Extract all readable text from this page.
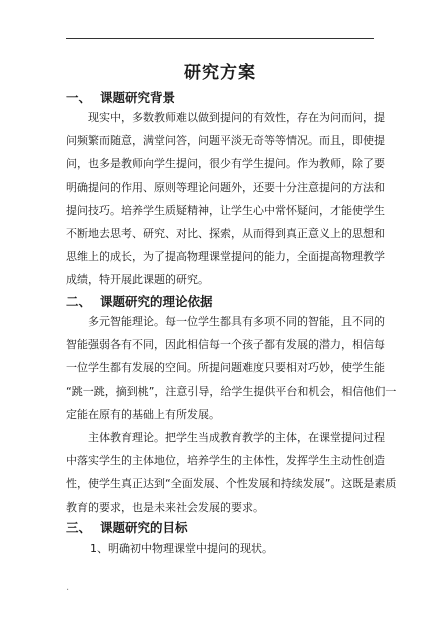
研究方案
一、 课题研究背景
现实中，多数教师难以做到提问的有效性，存在为问而问，提
问频繁而随意，满堂问答，问题平淡无奇等等情况。而且，即使提
问，也多是教师向学生提问，很少有学生提问。作为教师，除了要
明确提问的作用、原则等理论问题外，还要十分注意提问的方法和
提问技巧。培养学生质疑精神，让学生心中常怀疑问，才能使学生
不断地去思考、研究、对比、探索，从而得到真正意义上的思想和
思维上的成长，为了提高物理课堂提问的能力，全面提高物理教学
成绩，特开展此课题的研究。
二、 课题研究的理论依据
多元智能理论。每一位学生都具有多项不同的智能，且不同的
智能强弱各有不同，因此相信每一个孩子都有发展的潜力，相信每
一位学生都有发展的空间。所提问题难度只要相对巧妙，使学生能
“跳一跳，摘到桃”，注意引导，给学生提供平台和机会，相信他们一
定能在原有的基础上有所发展。
主体教育理论。把学生当成教育教学的主体，在课堂提问过程
中落实学生的主体地位，培养学生的主体性，发挥学生主动性创造
性，使学生真正达到“全面发展、个性发展和持续发展”。这既是素质
教育的要求，也是未来社会发展的要求。
三、 课题研究的目标
1、明确初中物理课堂中提问的现状。
.
